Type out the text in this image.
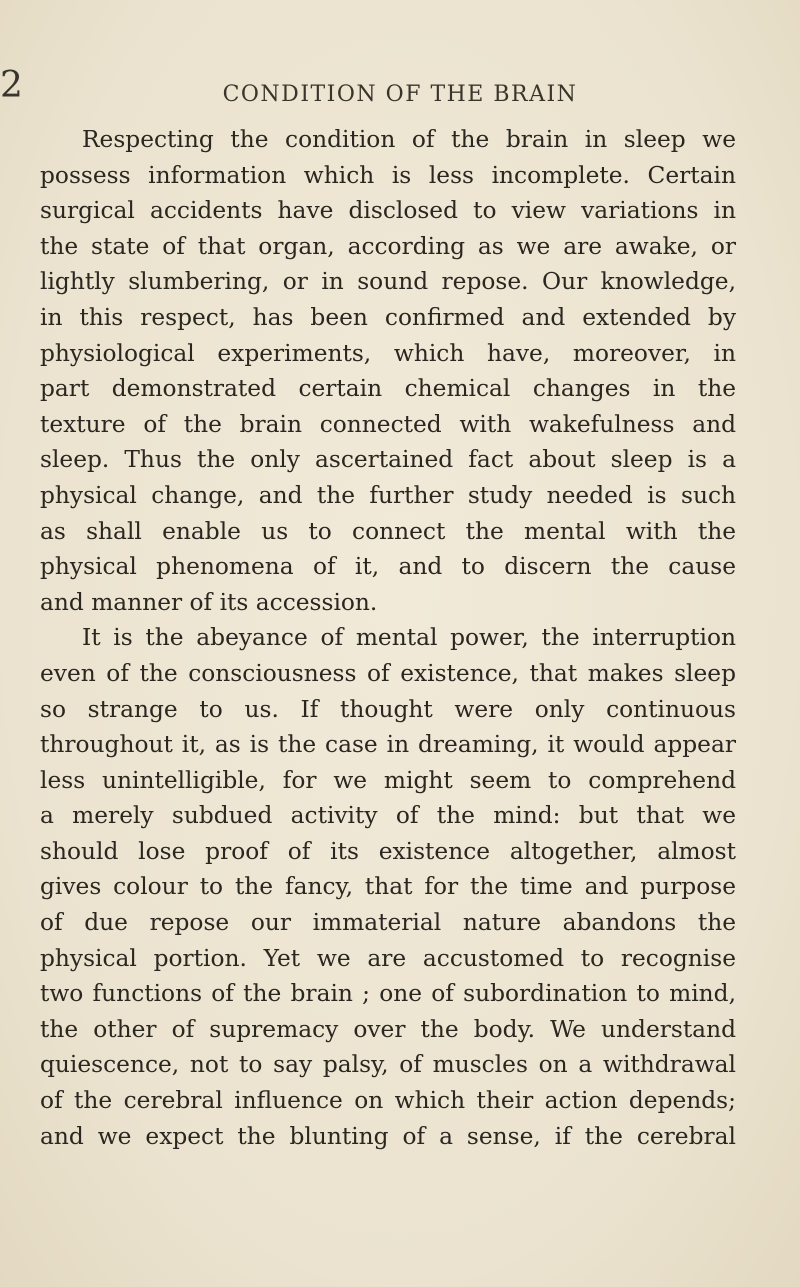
2	CONDITION OF THE BRAIN

Respecting the condition of the brain in sleep we

possess information which is less incomplete. Certain

surgical accidents have disclosed to view variations in

the state of that organ, according as we are awake, or

lightly slumbering, or in sound repose. Our knowledge,

in this respect, has been confirmed and extended by

physiological experiments, which have, moreover, in

part demonstrated certain chemical changes in the

texture of the brain connected with wakefulness and

sleep. Thus the only ascertained fact about sleep is a

physical change, and the further study needed is such

as shall enable us to connect the mental with the

physical phenomena of it, and to discern the cause

and manner of its accession.

It is the abeyance of mental power, the interruption

even of the consciousness of existence, that makes sleep

so strange to us. If thought were only continuous

throughout it, as is the case in dreaming, it would appear

less unintelligible, for we might seem to comprehend

a merely subdued activity of the mind: but that we

should lose proof of its existence altogether, almost

gives colour to the fancy, that for the time and purpose

of due repose our immaterial nature abandons the

physical portion. Yet we are accustomed to recognise

two functions of the brain ; one of subordination to mind,

the other of supremacy over the body. We understand

quiescence, not to say palsy, of muscles on a withdrawal

of the cerebral influence on which their action depends;

and we expect the blunting of a sense, if the cerebral
